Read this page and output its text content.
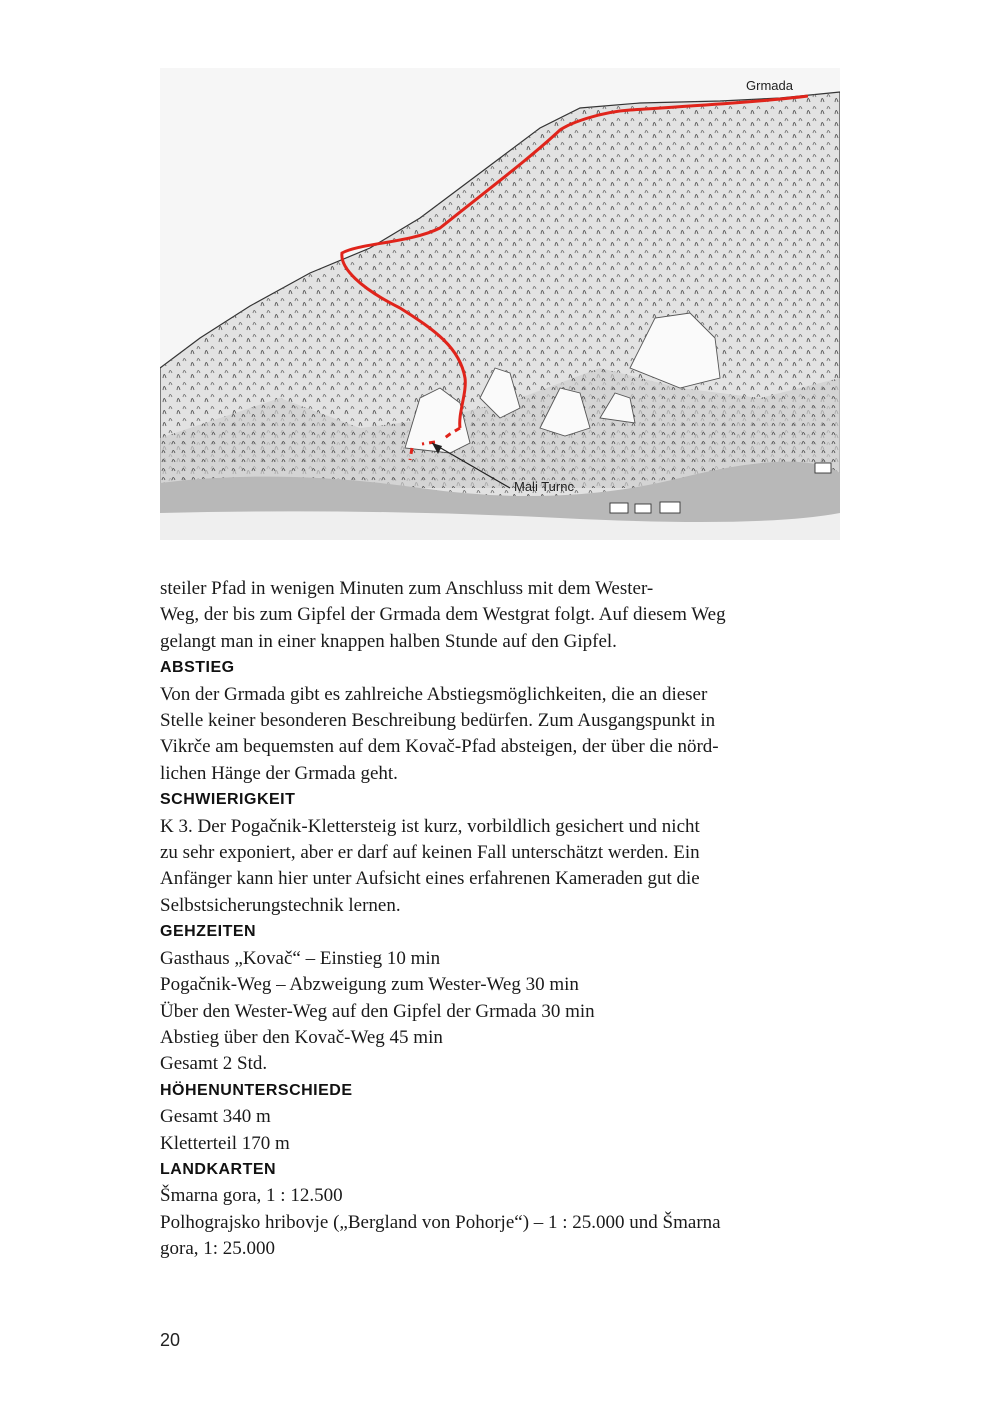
Grmada
Mali Turnc

steiler Pfad in wenigen Minuten zum Anschluss mit dem Wester-
Weg, der bis zum Gipfel der Grmada dem Westgrat folgt. Auf diesem Weg
gelangt man in einer knappen halben Stunde auf den Gipfel.

ABSTIEG

Von der Grmada gibt es zahlreiche Abstiegsmöglichkeiten, die an dieser
Stelle keiner besonderen Beschreibung bedürfen. Zum Ausgangspunkt in
Vikrče am bequemsten auf dem Kovač-Pfad absteigen, der über die nörd-
lichen Hänge der Grmada geht.

SCHWIERIGKEIT

K 3. Der Pogačnik-Klettersteig ist kurz, vorbildlich gesichert und nicht
zu sehr exponiert, aber er darf auf keinen Fall unterschätzt werden. Ein
Anfänger kann hier unter Aufsicht eines erfahrenen Kameraden gut die
Selbstsicherungstechnik lernen.

GEHZEITEN

Gasthaus „Kovač“ – Einstieg 10 min
Pogačnik-Weg – Abzweigung zum Wester-Weg 30 min
Über den Wester-Weg auf den Gipfel der Grmada 30 min
Abstieg über den Kovač-Weg 45 min
Gesamt 2 Std.

HÖHENUNTERSCHIEDE

Gesamt 340 m
Kletterteil 170 m

LANDKARTEN

Šmarna gora, 1 : 12.500
Polhograjsko hribovje („Bergland von Pohorje“) – 1 : 25.000 und Šmarna
gora, 1: 25.000

20
